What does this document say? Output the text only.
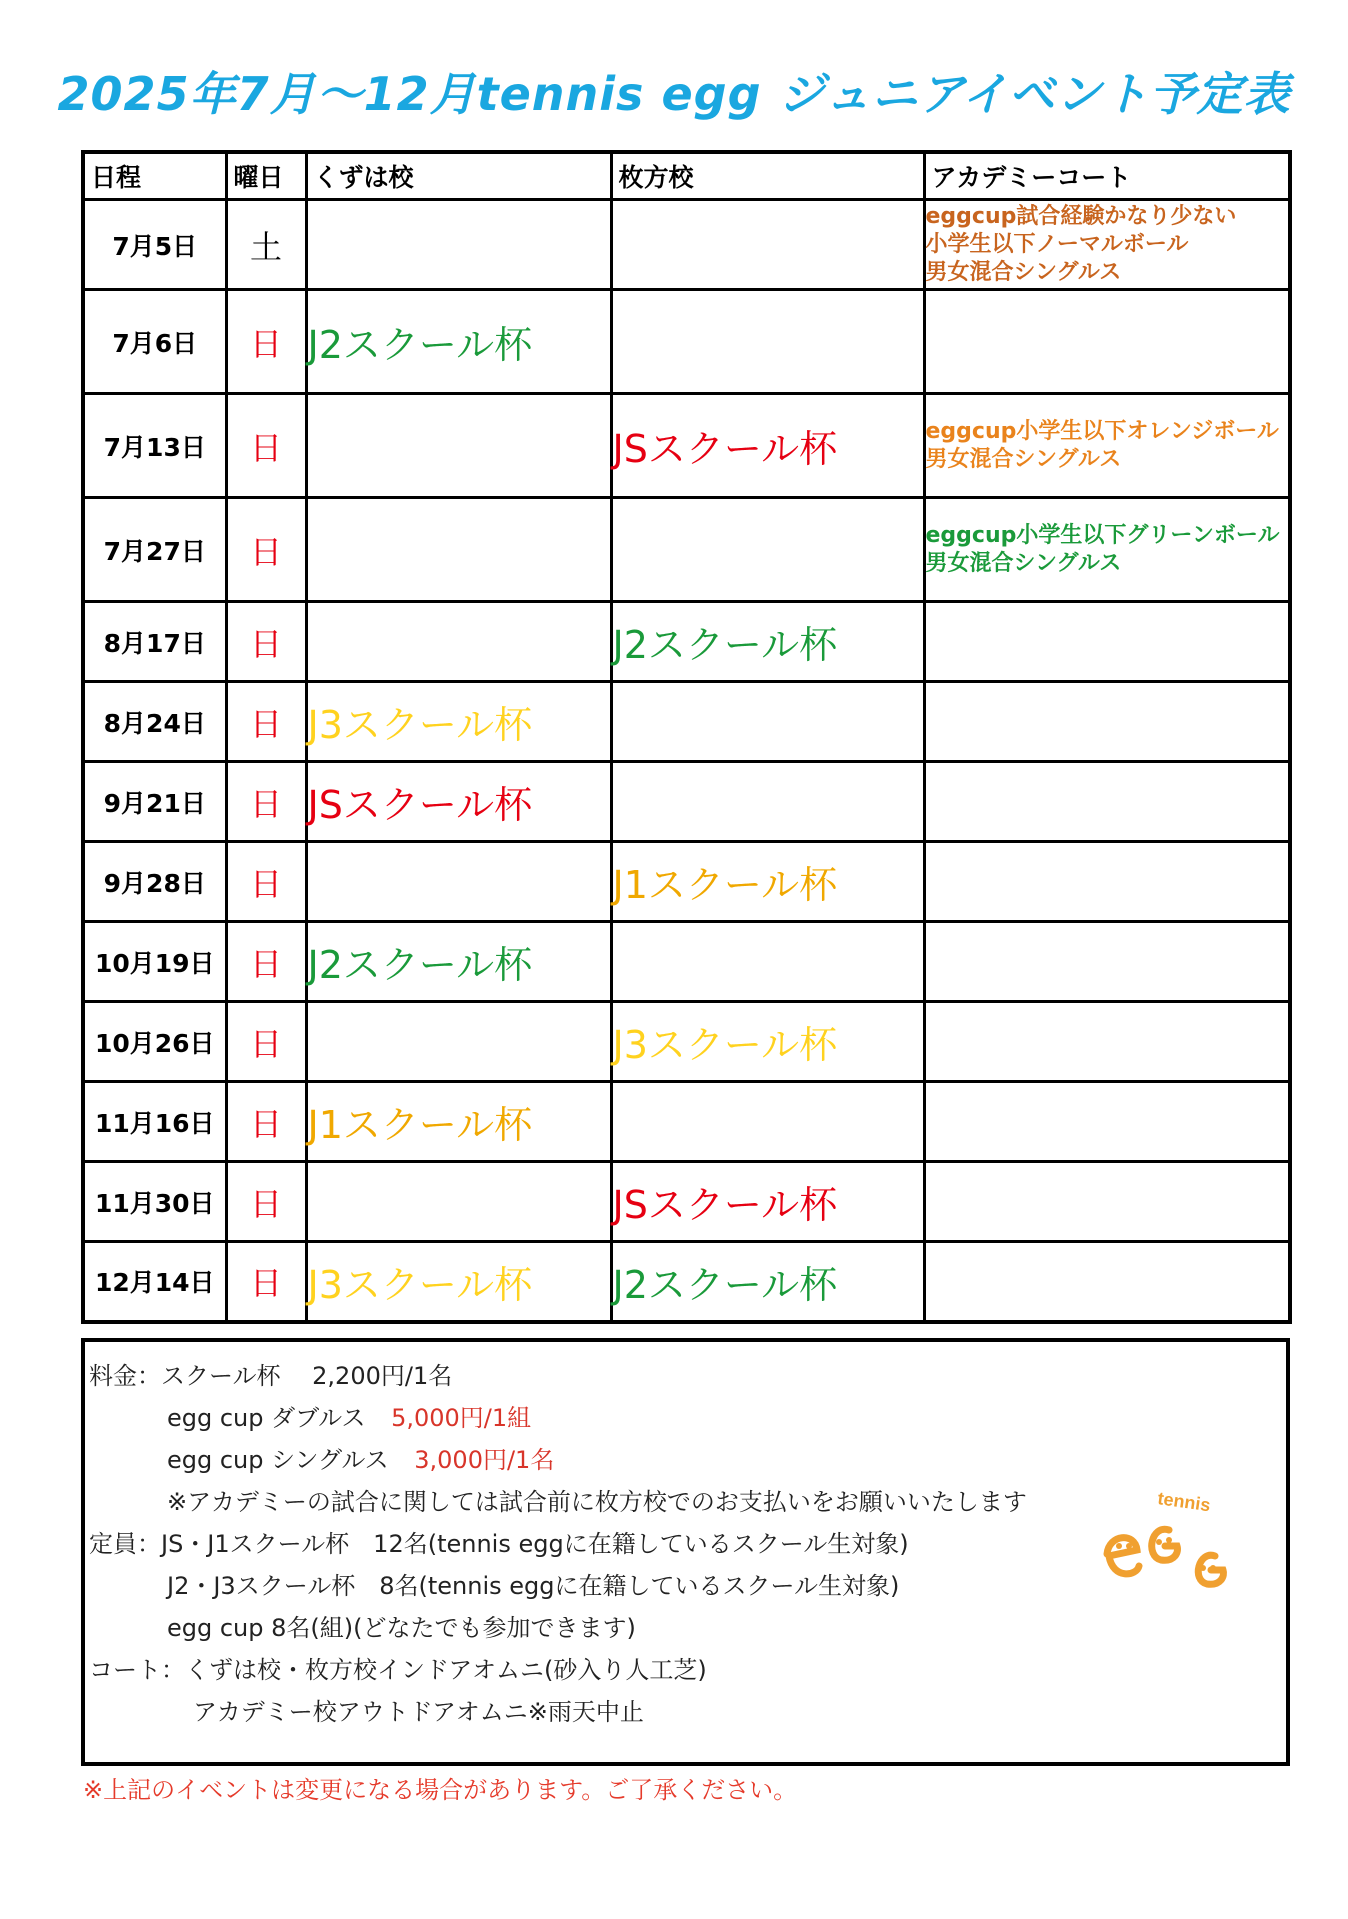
2025年7月～12月tennis egg ジュニアイベント予定表
日程	曜日	くずは校	枚方校	アカデミーコート
7月5日	土			eggcup試合経験かなり少ない
小学生以下ノーマルボール
男女混合シングルス
7月6日	日	J2スクール杯		
7月13日	日		JSスクール杯	eggcup小学生以下オレンジボール
男女混合シングルス
7月27日	日			eggcup小学生以下グリーンボール
男女混合シングルス
8月17日	日		J2スクール杯	
8月24日	日	J3スクール杯		
9月21日	日	JSスクール杯		
9月28日	日		J1スクール杯	
10月19日	日	J2スクール杯		
10月26日	日		J3スクール杯	
11月16日	日	J1スクール杯		
11月30日	日		JSスクール杯	
12月14日	日	J3スクール杯	J2スクール杯	
料金：スクール杯　 2,200円/1名
egg cup ダブルス 5,000円/1組
egg cup シングルス 3,000円/1名
※アカデミーの試合に関しては試合前に枚方校でのお支払いをお願いいたします
定員：JS・J1スクール杯　12名(tennis eggに在籍しているスクール生対象)
J2・J3スクール杯　8名(tennis eggに在籍しているスクール生対象)
egg cup 8名(組)(どなたでも参加できます)
コート：くずは校・枚方校インドアオムニ(砂入り人工芝)
アカデミー校アウトドアオムニ※雨天中止
tennis
※上記のイベントは変更になる場合があります。ご了承ください。
